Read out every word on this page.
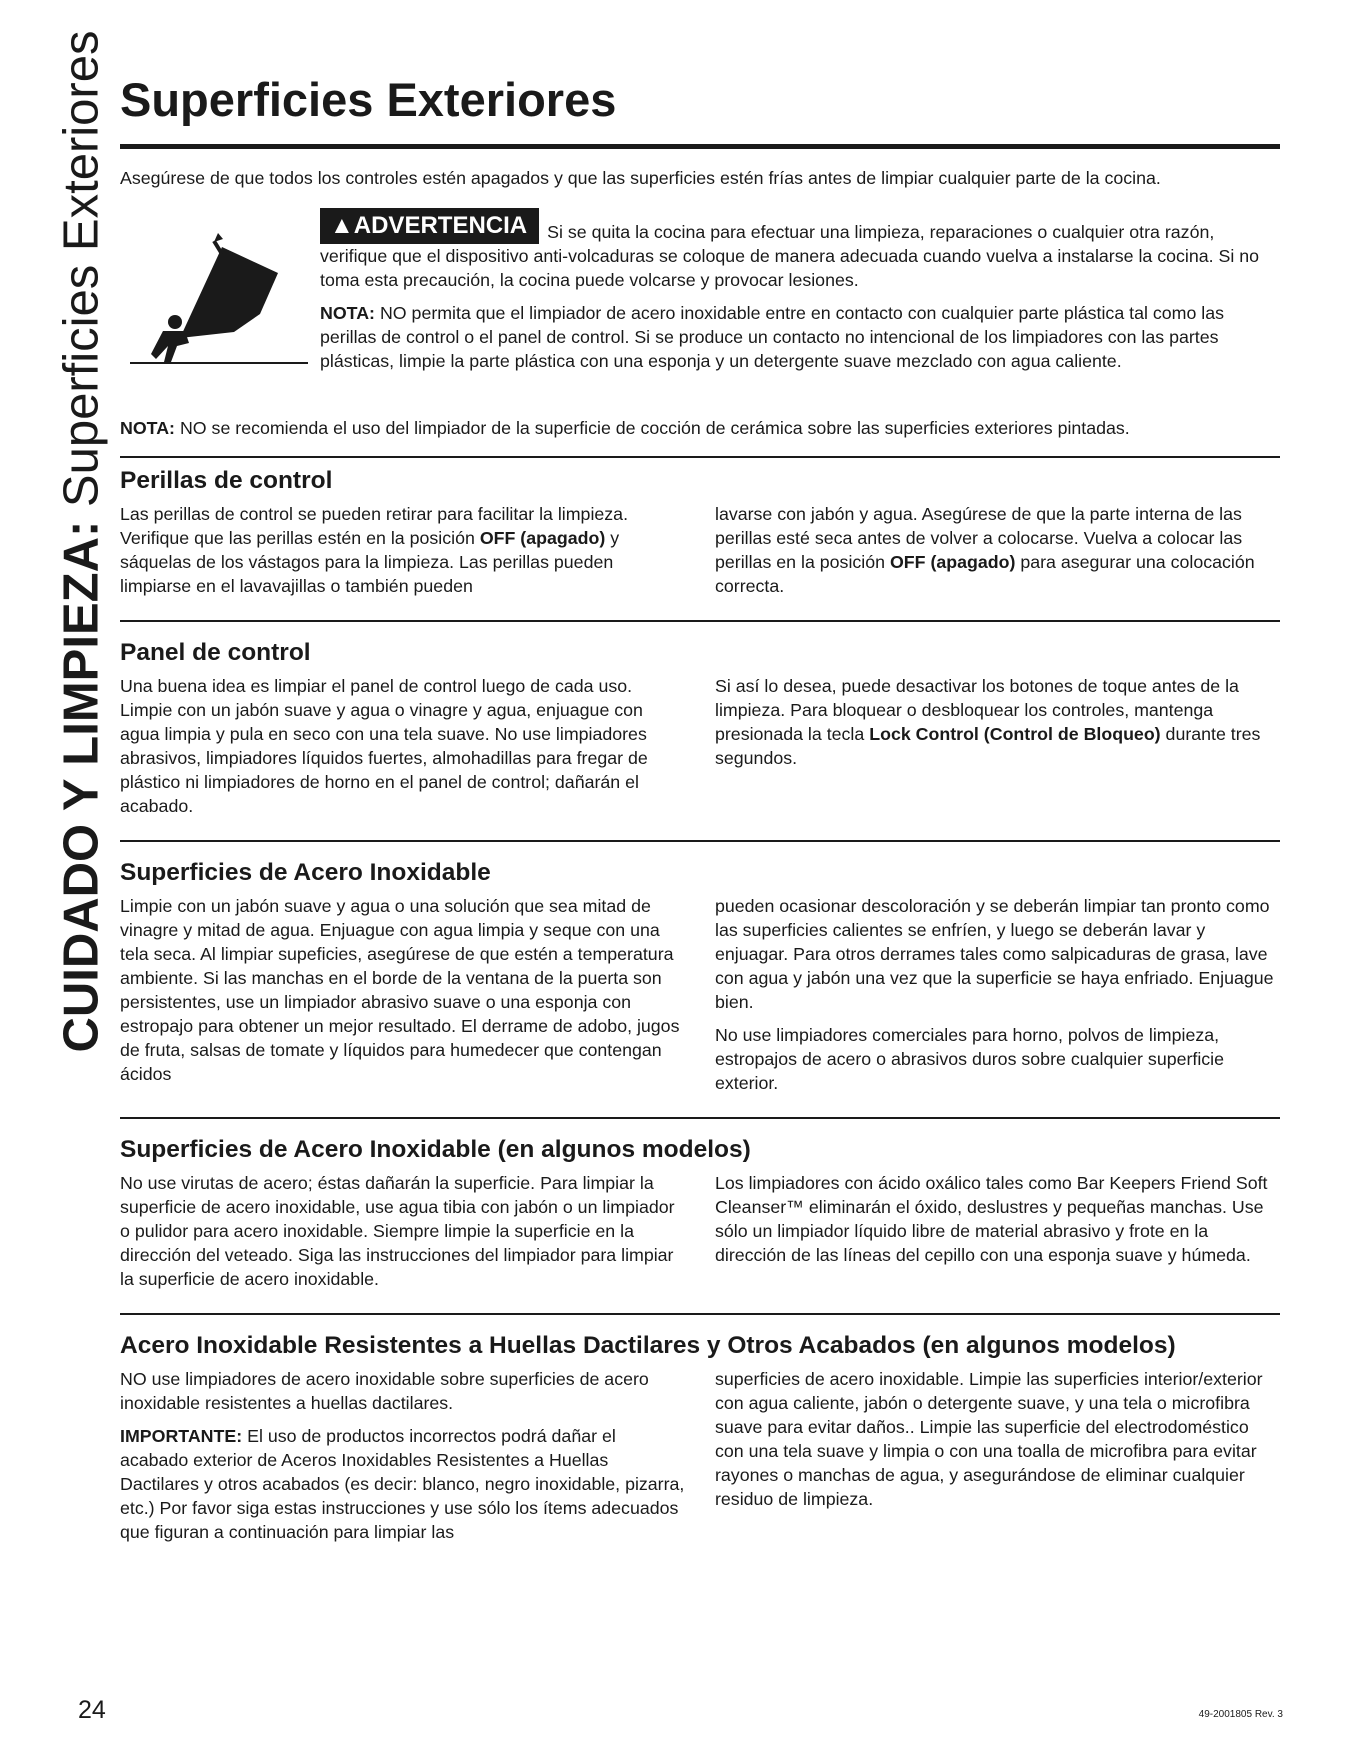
CUIDADO Y LIMPIEZA: Superficies Exteriores Superficies Exteriores

Asegúrese de que todos los controles estén apagados y que las superficies estén frías antes de limpiar cualquier parte de la cocina.

▲ADVERTENCIA Si se quita la cocina para efectuar una limpieza, reparaciones o cualquier otra razón, verifique que el dispositivo anti-volcaduras se coloque de manera adecuada cuando vuelva a instalarse la cocina. Si no toma esta precaución, la cocina puede volcarse y provocar lesiones.

NOTA: NO permita que el limpiador de acero inoxidable entre en contacto con cualquier parte plástica tal como las perillas de control o el panel de control. Si se produce un contacto no intencional de los limpiadores con las partes plásticas, limpie la parte plástica con una esponja y un detergente suave mezclado con agua caliente.

NOTA: NO se recomienda el uso del limpiador de la superficie de cocción de cerámica sobre las superficies exteriores pintadas.

Perillas de control

Las perillas de control se pueden retirar para facilitar la limpieza. Verifique que las perillas estén en la posición OFF (apagado) y sáquelas de los vástagos para la limpieza. Las perillas pueden limpiarse en el lavavajillas o también pueden

lavarse con jabón y agua. Asegúrese de que la parte interna de las perillas esté seca antes de volver a colocarse. Vuelva a colocar las perillas en la posición OFF (apagado) para asegurar una colocación correcta.

Panel de control

Una buena idea es limpiar el panel de control luego de cada uso. Limpie con un jabón suave y agua o vinagre y agua, enjuague con agua limpia y pula en seco con una tela suave. No use limpiadores abrasivos, limpiadores líquidos fuertes, almohadillas para fregar de plástico ni limpiadores de horno en el panel de control; dañarán el acabado.

Si así lo desea, puede desactivar los botones de toque antes de la limpieza. Para bloquear o desbloquear los controles, mantenga presionada la tecla Lock Control (Control de Bloqueo) durante tres segundos.

Superficies de Acero Inoxidable

Limpie con un jabón suave y agua o una solución que sea mitad de vinagre y mitad de agua. Enjuague con agua limpia y seque con una tela seca. Al limpiar supeficies, asegúrese de que estén a temperatura ambiente. Si las manchas en el borde de la ventana de la puerta son persistentes, use un limpiador abrasivo suave o una esponja con estropajo para obtener un mejor resultado. El derrame de adobo, jugos de fruta, salsas de tomate y líquidos para humedecer que contengan ácidos

pueden ocasionar descoloración y se deberán limpiar tan pronto como las superficies calientes se enfríen, y luego se deberán lavar y enjuagar. Para otros derrames tales como salpicaduras de grasa, lave con agua y jabón una vez que la superficie se haya enfriado. Enjuague bien.

No use limpiadores comerciales para horno, polvos de limpieza, estropajos de acero o abrasivos duros sobre cualquier superficie exterior.

Superficies de Acero Inoxidable (en algunos modelos)

No use virutas de acero; éstas dañarán la superficie. Para limpiar la superficie de acero inoxidable, use agua tibia con jabón o un limpiador o pulidor para acero inoxidable. Siempre limpie la superficie en la dirección del veteado. Siga las instrucciones del limpiador para limpiar la superficie de acero inoxidable.

Los limpiadores con ácido oxálico tales como Bar Keepers Friend Soft Cleanser™ eliminarán el óxido, deslustres y pequeñas manchas. Use sólo un limpiador líquido libre de material abrasivo y frote en la dirección de las líneas del cepillo con una esponja suave y húmeda.

Acero Inoxidable Resistentes a Huellas Dactilares y Otros Acabados (en algunos modelos)

NO use limpiadores de acero inoxidable sobre superficies de acero inoxidable resistentes a huellas dactilares.

IMPORTANTE: El uso de productos incorrectos podrá dañar el acabado exterior de Aceros Inoxidables Resistentes a Huellas Dactilares y otros acabados (es decir: blanco, negro inoxidable, pizarra, etc.) Por favor siga estas instrucciones y use sólo los ítems adecuados que figuran a continuación para limpiar las

superficies de acero inoxidable. Limpie las superficies interior/exterior con agua caliente, jabón o detergente suave, y una tela o microfibra suave para evitar daños.. Limpie las superficie del electrodoméstico con una tela suave y limpia o con una toalla de microfibra para evitar rayones o manchas de agua, y asegurándose de eliminar cualquier residuo de limpieza.

24	49-2001805 Rev. 3
